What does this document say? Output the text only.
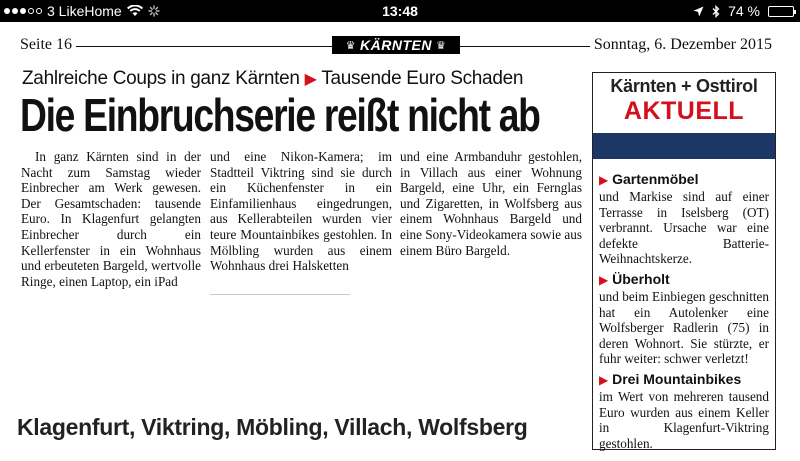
3 LikeHome	13:48	74 %
Seite 16	♛ KÄRNTEN ♛	Sonntag, 6. Dezember 2015
Zahlreiche Coups in ganz Kärnten ▶ Tausende Euro Schaden
Die Einbruchserie reißt nicht ab
In ganz Kärnten sind in der Nacht zum Samstag wieder Einbrecher am Werk gewesen. Der Gesamtschaden: tausende Euro. In Klagenfurt gelangten Einbrecher durch ein Kellerfenster in ein Wohnhaus und erbeuteten Bargeld, wertvolle Ringe, einen Laptop, ein iPad
und eine Nikon-Kamera; im Stadtteil Viktring sind sie durch ein Küchenfenster in ein Einfamilienhaus eingedrungen, aus Kellerabteilen wurden vier teure Mountainbikes gestohlen. In Mölbling wurden aus einem Wohnhaus drei Halsketten
und eine Armbanduhr gestohlen, in Villach aus einer Wohnung Bargeld, eine Uhr, ein Fernglas und Zigaretten, in Wolfsberg aus einem Wohnhaus Bargeld und eine Sony-Videokamera sowie aus einem Büro Bargeld.
Kärnten + Osttirol
AKTUELL
▶ Gartenmöbel
und Markise sind auf einer Terrasse in Iselsberg (OT) verbrannt. Ursache war eine defekte Batterie-Weihnachtskerze.
▶ Überholt
und beim Einbiegen geschnitten hat ein Autolenker eine Wolfsberger Radlerin (75) in deren Wohnort. Sie stürzte, er fuhr weiter: schwer verletzt!
▶ Drei Mountainbikes
im Wert von mehreren tausend Euro wurden aus einem Keller in Klagenfurt-Viktring gestohlen.
Klagenfurt, Viktring, Möbling, Villach, Wolfsberg
